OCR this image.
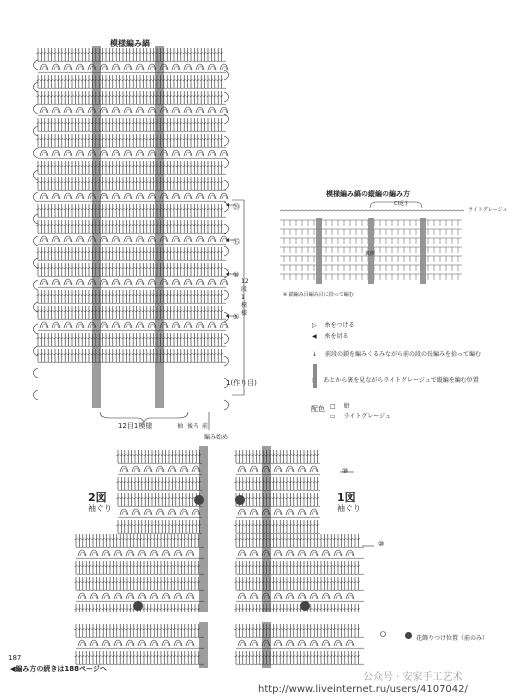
模様編み縞
⑳
⑮
⑩
⑤
1(作り目)
12段1模様
12目1模様	袖 後ろ 前
編み始め
模様編み縞の縦編の編み方
CI返す
ライトグレージュ
裏側
※ 鎖編み目編み目に拾って編む
▷ 糸をつける
◀ 糸を切る
↓ 前段の鎖を編みくるみながら前の段の長編みを拾って編む
▮ あとから裏を見ながらライトグレージュで縦編を編む位置
配色 □ 紺
▭ ライトグレージュ
2図
袖ぐり
1図
袖ぐり
⑩
⑩
花飾りつけ位置（前のみ）
187
◀編み方の続きは188ページへ
公众号 · 安家手工艺术
http://www.liveinternet.ru/users/4107042/
